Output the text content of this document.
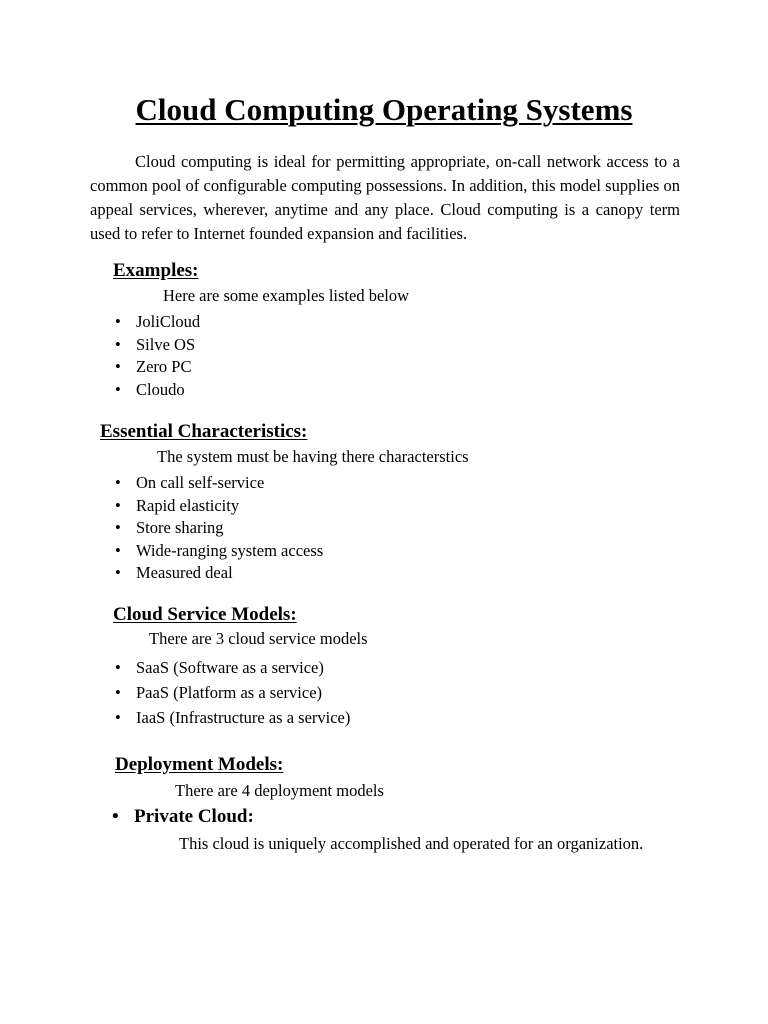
Cloud Computing Operating Systems

Cloud computing is ideal for permitting appropriate, on-call network access to a common pool of configurable computing possessions. In addition, this model supplies on appeal services, wherever, anytime and any place. Cloud computing is a canopy term used to refer to Internet founded expansion and facilities.

Examples:
Here are some examples listed below
• JoliCloud
• Silve OS
• Zero PC
• Cloudo
Essential Characteristics:
The system must be having there characterstics
• On call self-service
• Rapid elasticity
• Store sharing
• Wide-ranging system access
• Measured deal
Cloud Service Models:
There are 3 cloud service models
• SaaS (Software as a service)
• PaaS (Platform as a service)
• IaaS (Infrastructure as a service)
Deployment Models:
There are 4 deployment models
• Private Cloud:
This cloud is uniquely accomplished and operated for an organization.
